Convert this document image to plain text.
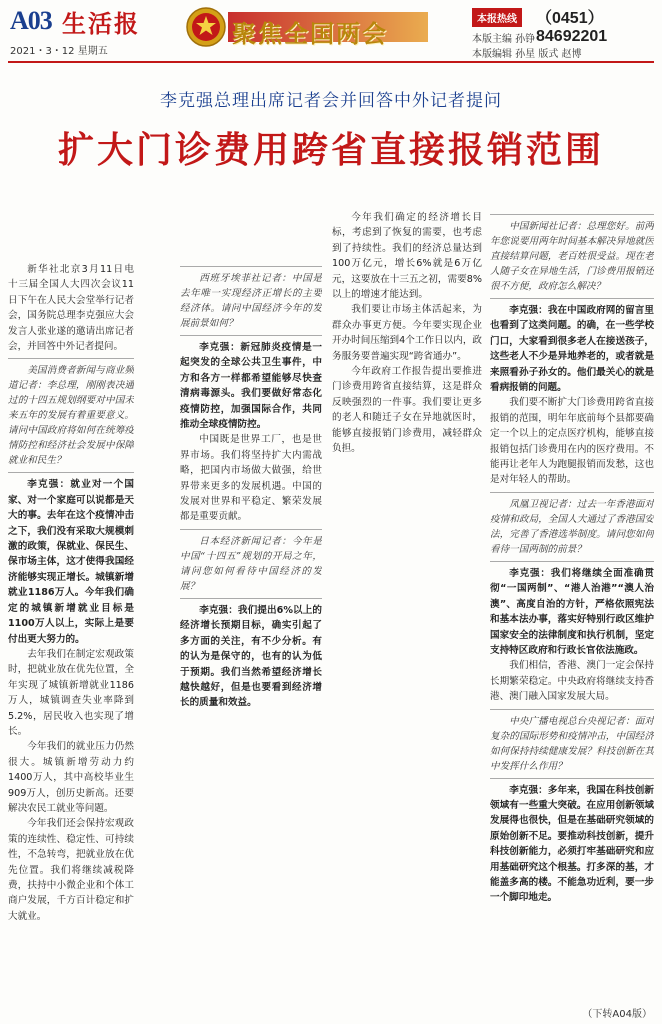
A03 生活报
2021・3・12 星期五
聚焦全国两会	本报热线	（0451）84692201
本版主编 孙铮
本版编辑 孙星 版式 赵博
李克强总理出席记者会并回答中外记者提问
扩大门诊费用跨省直接报销范围

新华社北京3月11日电 十三届全国人大四次会议11日下午在人民大会堂举行记者会，国务院总理李克强应大会发言人张业遂的邀请出席记者会，并回答中外记者提问。

美国消费者新闻与商业频道记者：李总理，刚刚表决通过的十四五规划纲要对中国未来五年的发展有着重要意义。请问中国政府将如何在统筹疫情防控和经济社会发展中保障就业和民生？

李克强：就业对一个国家、对一个家庭可以说都是天大的事。去年在这个疫情冲击之下，我们没有采取大规模刺激的政策，保就业、保民生、保市场主体，这才使得我国经济能够实现正增长。城镇新增就业1186万人。今年我们确定的城镇新增就业目标是1100万人以上，实际上是要付出更大努力的。

去年我们在制定宏观政策时，把就业放在优先位置，全年实现了城镇新增就业1186万人，城镇调查失业率降到5.2%，居民收入也实现了增长。

今年我们的就业压力仍然很大。城镇新增劳动力约1400万人，其中高校毕业生909万人，创历史新高。还要解决农民工就业等问题。

今年我们还会保持宏观政策的连续性、稳定性、可持续性，不急转弯，把就业放在优先位置。我们将继续减税降费，扶持中小微企业和个体工商户发展，千方百计稳定和扩大就业。

西班牙埃菲社记者：中国是去年唯一实现经济正增长的主要经济体。请问中国经济今年的发展前景如何？

李克强：新冠肺炎疫情是一起突发的全球公共卫生事件，中方和各方一样都希望能够尽快查清病毒源头。我们要做好常态化疫情防控，加强国际合作，共同推动全球疫情防控。

中国既是世界工厂，也是世界市场。我们将坚持扩大内需战略，把国内市场做大做强，给世界带来更多的发展机遇。中国的发展对世界和平稳定、繁荣发展都是重要贡献。

日本经济新闻记者：今年是中国“十四五”规划的开局之年，请问您如何看待中国经济的发展？

李克强：我们提出6%以上的经济增长预期目标，确实引起了多方面的关注，有不少分析。有的认为是保守的，也有的认为低于预期。我们当然希望经济增长越快越好，但是也要看到经济增长的质量和效益。

今年我们确定的经济增长目标，考虑到了恢复的需要，也考虑到了持续性。我们的经济总量达到100万亿元，增长6%就是6万亿元，这要放在十三五之初，需要8%以上的增速才能达到。

我们要让市场主体活起来，为群众办事更方便。今年要实现企业开办时间压缩到4个工作日以内，政务服务要普遍实现“跨省通办”。

今年政府工作报告提出要推进门诊费用跨省直接结算，这是群众反映强烈的一件事。我们要让更多的老人和随迁子女在异地就医时，能够直接报销门诊费用，减轻群众负担。

中国新闻社记者：总理您好。前两年您说要用两年时间基本解决异地就医直接结算问题，老百姓很受益。现在老人随子女在异地生活，门诊费用报销还很不方便，政府怎么解决？

李克强：我在中国政府网的留言里也看到了这类问题。的确，在一些学校门口，大家看到很多老人在接送孩子，这些老人不少是异地养老的，或者就是来照看孙子孙女的。他们最关心的就是看病报销的问题。

我们要不断扩大门诊费用跨省直接报销的范围，明年年底前每个县都要确定一个以上的定点医疗机构，能够直接报销包括门诊费用在内的医疗费用。不能再让老年人为跑腿报销而发愁，这也是对年轻人的帮助。

凤凰卫视记者：过去一年香港面对疫情和政局，全国人大通过了香港国安法，完善了香港选举制度。请问您如何看待一国两制的前景？

李克强：我们将继续全面准确贯彻“一国两制”、“港人治港”“澳人治澳”、高度自治的方针，严格依照宪法和基本法办事，落实好特别行政区维护国家安全的法律制度和执行机制，坚定支持特区政府和行政长官依法施政。

我们相信，香港、澳门一定会保持长期繁荣稳定。中央政府将继续支持香港、澳门融入国家发展大局。

中央广播电视总台央视记者：面对复杂的国际形势和疫情冲击，中国经济如何保持持续健康发展？科技创新在其中发挥什么作用？

李克强：多年来，我国在科技创新领域有一些重大突破。在应用创新领域发展得也很快，但是在基础研究领域的原始创新不足。要推动科技创新，提升科技创新能力，必须打牢基础研究和应用基础研究这个根基。打多深的基，才能盖多高的楼。不能急功近利，要一步一个脚印地走。

（下转A04版）
